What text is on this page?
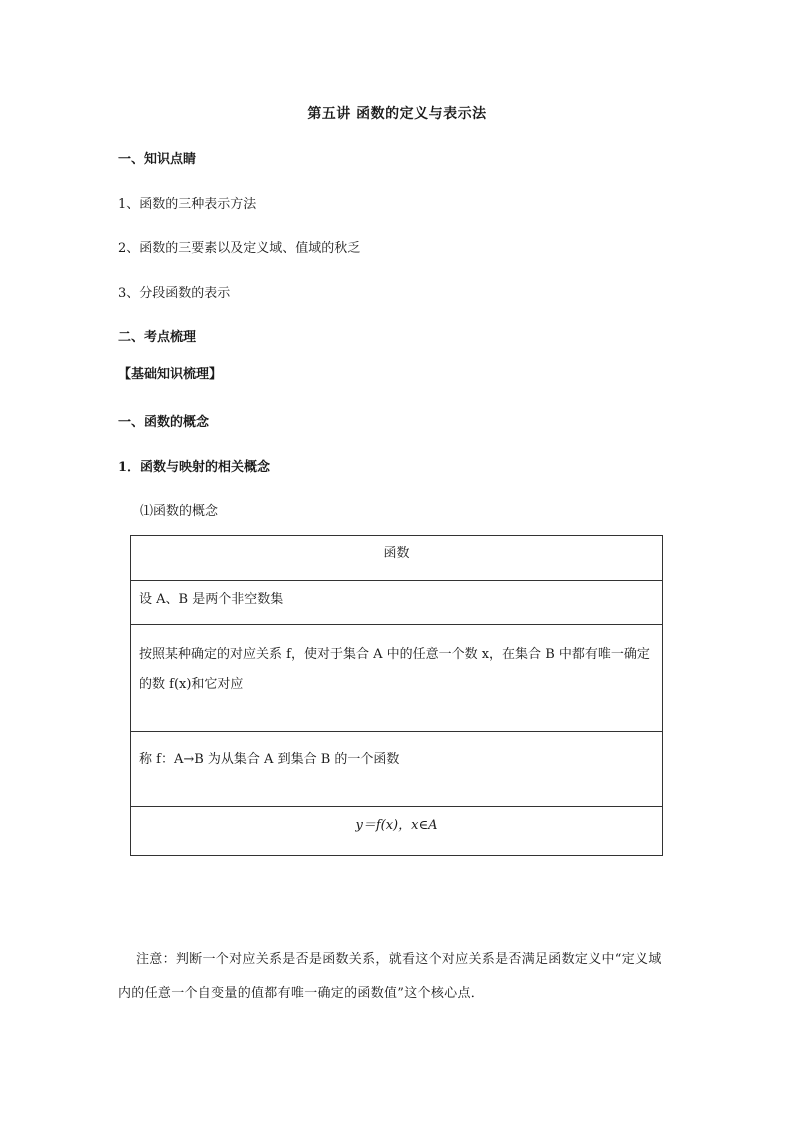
第五讲 函数的定义与表示法
一、知识点睛
1、函数的三种表示方法
2、函数的三要素以及定义域、值域的秋乏
3、分段函数的表示
二、考点梳理
【基础知识梳理】
一、函数的概念
1．函数与映射的相关概念
⑴函数的概念
函数
设 A、B 是两个非空数集
按照某种确定的对应关系 f，使对于集合 A 中的任意一个数 x，在集合 B 中都有唯一确定的数 f(x)和它对应
称 f：A→B 为从集合 A 到集合 B 的一个函数
y＝f(x)，x∈A
注意：判断一个对应关系是否是函数关系，就看这个对应关系是否满足函数定义中“定义域内的任意一个自变量的值都有唯一确定的函数值”这个核心点．
